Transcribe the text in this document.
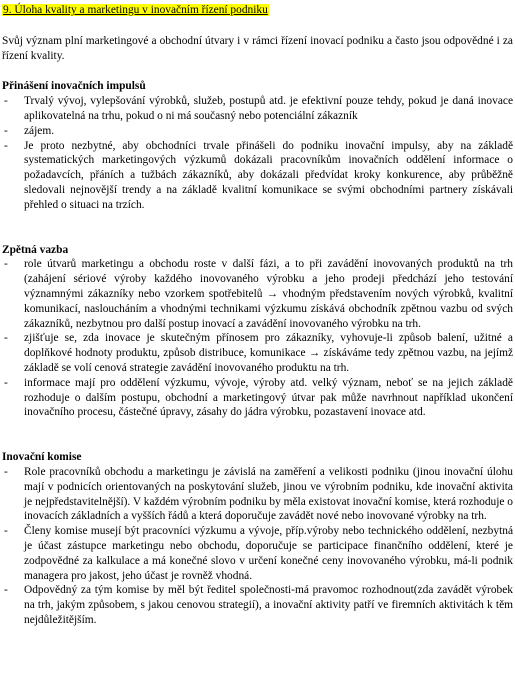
9. Úloha kvality a marketingu v inovačním řízení podniku

Svůj význam plní marketingové a obchodní útvary i v rámci řízení inovací podniku a často jsou odpovědné i za řízení kvality.

Přinášení inovačních impulsů
- Trvalý vývoj, vylepšování výrobků, služeb, postupů atd. je efektivní pouze tehdy, pokud je daná inovace aplikovatelná na trhu, pokud o ni má současný nebo potenciální zákazník
- zájem.
- Je proto nezbytné, aby obchodníci trvale přinášeli do podniku inovační impulsy, aby na základě systematických marketingových výzkumů dokázali pracovníkům inovačních oddělení informace o požadavcích, přáních a tužbách zákazníků, aby dokázali předvídat kroky konkurence, aby průběžně sledovali nejnovější trendy a na základě kvalitní komunikace se svými obchodními partnery získávali přehled o situaci na trzích.
Zpětná vazba
- role útvarů marketingu a obchodu roste v další fázi, a to při zavádění inovovaných produktů na trh (zahájení sériové výroby každého inovovaného výrobku a jeho prodeji předchází jeho testování významnými zákazníky nebo vzorkem spotřebitelů → vhodným představením nových výrobků, kvalitní komunikací, nasloucháním a vhodnými technikami výzkumu získává obchodník zpětnou vazbu od svých zákazníků, nezbytnou pro další postup inovací a zavádění inovovaného výrobku na trh.
- zjišťuje se, zda inovace je skutečným přínosem pro zákazníky, vyhovuje-li způsob balení, užitné a doplňkové hodnoty produktu, způsob distribuce, komunikace → získáváme tedy zpětnou vazbu, na jejímž základě se volí cenová strategie zavádění inovovaného produktu na trh.
- informace mají pro oddělení výzkumu, vývoje, výroby atd. velký význam, neboť se na jejich základě rozhoduje o dalším postupu, obchodní a marketingový útvar pak může navrhnout například ukončení inovačního procesu, částečné úpravy, zásahy do jádra výrobku, pozastavení inovace atd.
Inovační komise
- Role pracovníků obchodu a marketingu je závislá na zaměření a velikosti podniku (jinou inovační úlohu mají v podnicích orientovaných na poskytování služeb, jinou ve výrobním podniku, kde inovační aktivita je nejpředstavitelnější). V každém výrobním podniku by měla existovat inovační komise, která rozhoduje o inovacích základních a vyšších řádů a která doporučuje zavádět nové nebo inovované výrobky na trh.
- Členy komise musejí být pracovníci výzkumu a vývoje, příp.výroby nebo technického oddělení, nezbytná je účast zástupce marketingu nebo obchodu, doporučuje se participace finančního oddělení, které je zodpovědné za kalkulace a má konečné slovo v určení konečné ceny inovovaného výrobku, má-li podnik managera pro jakost, jeho účast je rovněž vhodná.
- Odpovědný za tým komise by měl být ředitel společnosti-má pravomoc rozhodnout(zda zavádět výrobek na trh, jakým způsobem, s jakou cenovou strategií), a inovační aktivity patří ve firemních aktivitách k těm nejdůležitějším.
